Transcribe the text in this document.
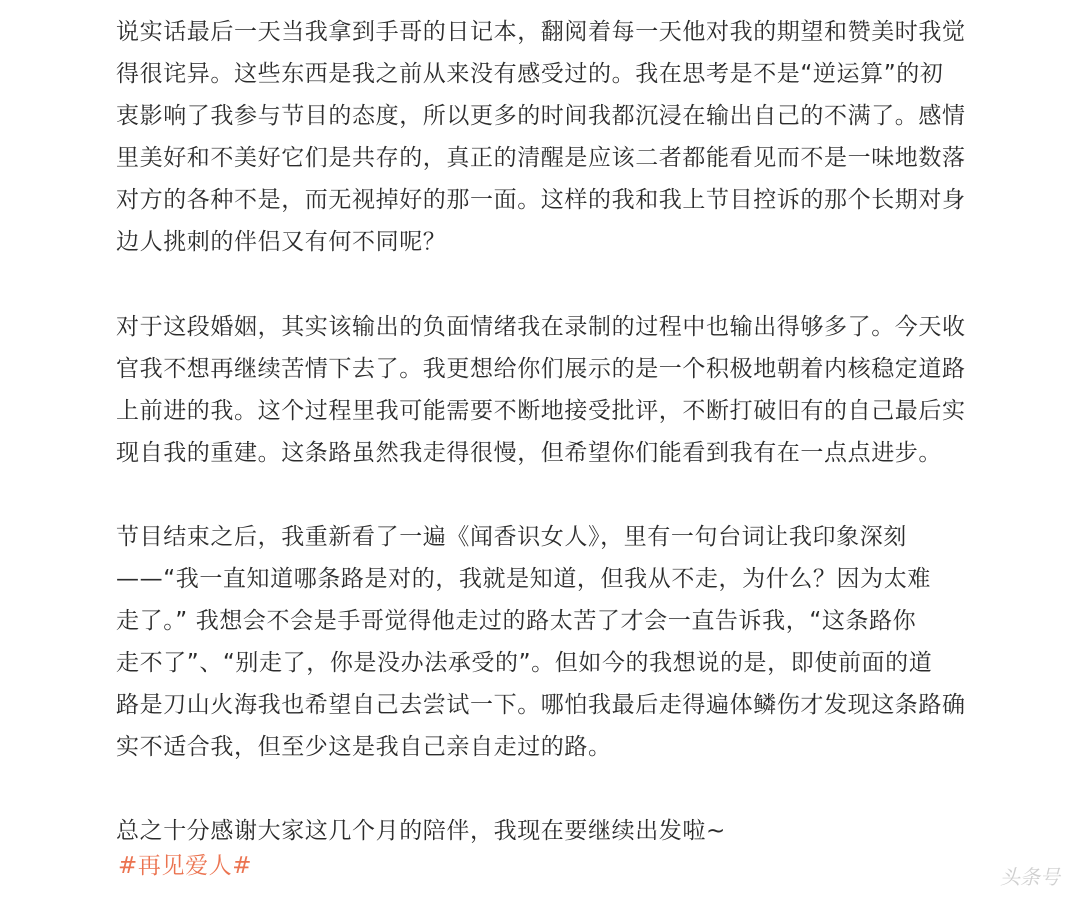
说实话最后一天当我拿到手哥的日记本，翻阅着每一天他对我的期望和赞美时我觉
得很诧异。这些东西是我之前从来没有感受过的。我在思考是不是“逆运算”的初
衷影响了我参与节目的态度，所以更多的时间我都沉浸在输出自己的不满了。感情
里美好和不美好它们是共存的，真正的清醒是应该二者都能看见而不是一味地数落
对方的各种不是，而无视掉好的那一面。这样的我和我上节目控诉的那个长期对身
边人挑刺的伴侣又有何不同呢？
对于这段婚姻，其实该输出的负面情绪我在录制的过程中也输出得够多了。今天收
官我不想再继续苦情下去了。我更想给你们展示的是一个积极地朝着内核稳定道路
上前进的我。这个过程里我可能需要不断地接受批评，不断打破旧有的自己最后实
现自我的重建。这条路虽然我走得很慢，但希望你们能看到我有在一点点进步。
节目结束之后，我重新看了一遍《闻香识女人》，里有一句台词让我印象深刻
——“我一直知道哪条路是对的，我就是知道，但我从不走，为什么？因为太难
走了。” 我想会不会是手哥觉得他走过的路太苦了才会一直告诉我，“这条路你
走不了”、“别走了，你是没办法承受的”。但如今的我想说的是，即使前面的道
路是刀山火海我也希望自己去尝试一下。哪怕我最后走得遍体鳞伤才发现这条路确
实不适合我，但至少这是我自己亲自走过的路。
总之十分感谢大家这几个月的陪伴，我现在要继续出发啦~
#再见爱人#	头条号
